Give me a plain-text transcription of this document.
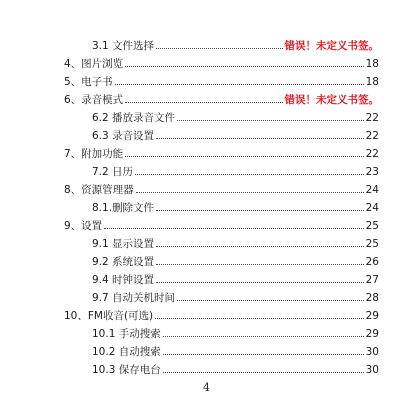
3.1 文件选择	错误！未定义书签。
4、图片浏览	18
5、电子书	18
6、录音模式	错误！未定义书签。
6.2 播放录音文件	22
6.3 录音设置	22
7、附加功能	22
7.2 日历	23
8、资源管理器	24
8.1.删除文件	24
9、设置	25
9.1 显示设置	25
9.2 系统设置	26
9.4 时钟设置	27
9.7 自动关机时间	28
10、FM收音(可选)	29
10.1 手动搜索	29
10.2 自动搜索	30
10.3 保存电台	30
4
